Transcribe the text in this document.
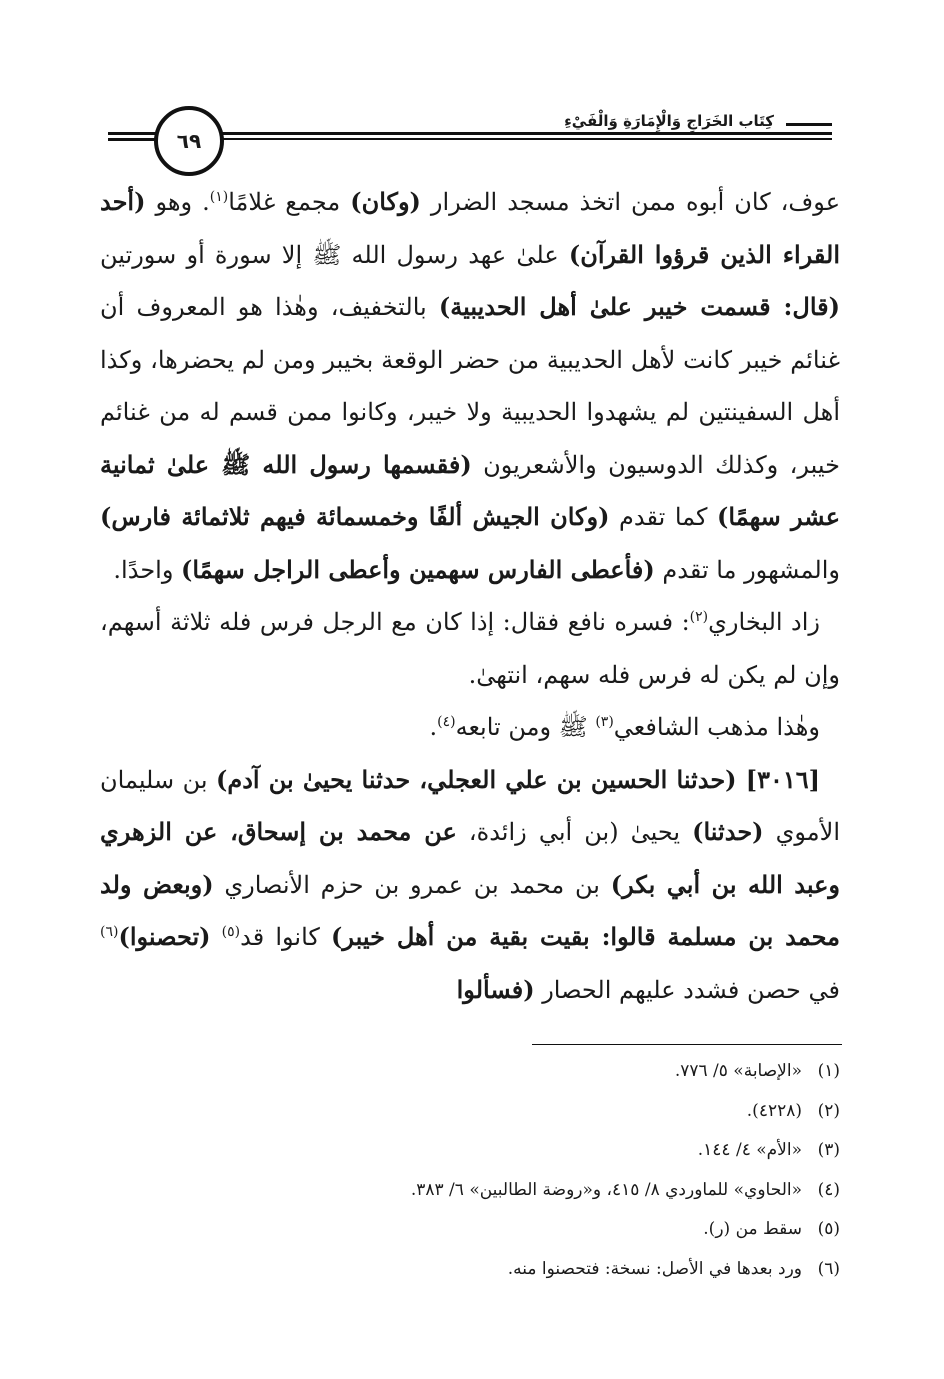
٦٩
كِتَاب الخَرَاجِ وَالْإِمَارَةِ وَالْفَيْءِ

عوف، كان أبوه ممن اتخذ مسجد الضرار (وكان) مجمع غلامًا$^{(١)}$. وهو (أحد القراء الذين قرؤوا القرآن) علىٰ عهد رسول الله ﷺ إلا سورة أو سورتين (قال: قسمت خيبر علىٰ أهل الحديبية) بالتخفيف، وهٰذا هو المعروف أن غنائم خيبر كانت لأهل الحديبية من حضر الوقعة بخيبر ومن لم يحضرها، وكذا أهل السفينتين لم يشهدوا الحديبية ولا خيبر، وكانوا ممن قسم له من غنائم خيبر، وكذلك الدوسيون والأشعريون (فقسمها رسول الله ﷺ علىٰ ثمانية عشر سهمًا) كما تقدم (وكان الجيش ألفًا وخمسمائة فيهم ثلاثمائة فارس) والمشهور ما تقدم (فأعطى الفارس سهمين وأعطى الراجل سهمًا) واحدًا.

زاد البخاري$^{(٢)}$: فسره نافع فقال: إذا كان مع الرجل فرس فله ثلاثة أسهم، وإن لم يكن له فرس فله سهم، انتهىٰ.

وهٰذا مذهب الشافعي$^{(٣)}$ ﷺ ومن تابعه$^{(٤)}$.

[٣٠١٦] (حدثنا الحسين بن علي العجلي، حدثنا يحيىٰ بن آدم) بن سليمان الأموي (حدثنا) يحيىٰ (بن أبي زائدة، عن محمد بن إسحاق، عن الزهري وعبد الله بن أبي بكر) بن محمد بن عمرو بن حزم الأنصاري (وبعض ولد محمد بن مسلمة قالوا: بقيت بقية من أهل خيبر) كانوا قد$^{(٥)}$ (تحصنوا)$^{(٦)}$ في حصن فشدد عليهم الحصار (فسألوا

(١)«الإصابة» ٥/ ٧٧٦.
(٢)(٤٢٢٨).
(٣)«الأم» ٤/ ١٤٤.
(٤)«الحاوي» للماوردي ٨/ ٤١٥، و«روضة الطالبين» ٦/ ٣٨٣.
(٥)سقط من (ر).
(٦)ورد بعدها في الأصل: نسخة: فتحصنوا منه.
